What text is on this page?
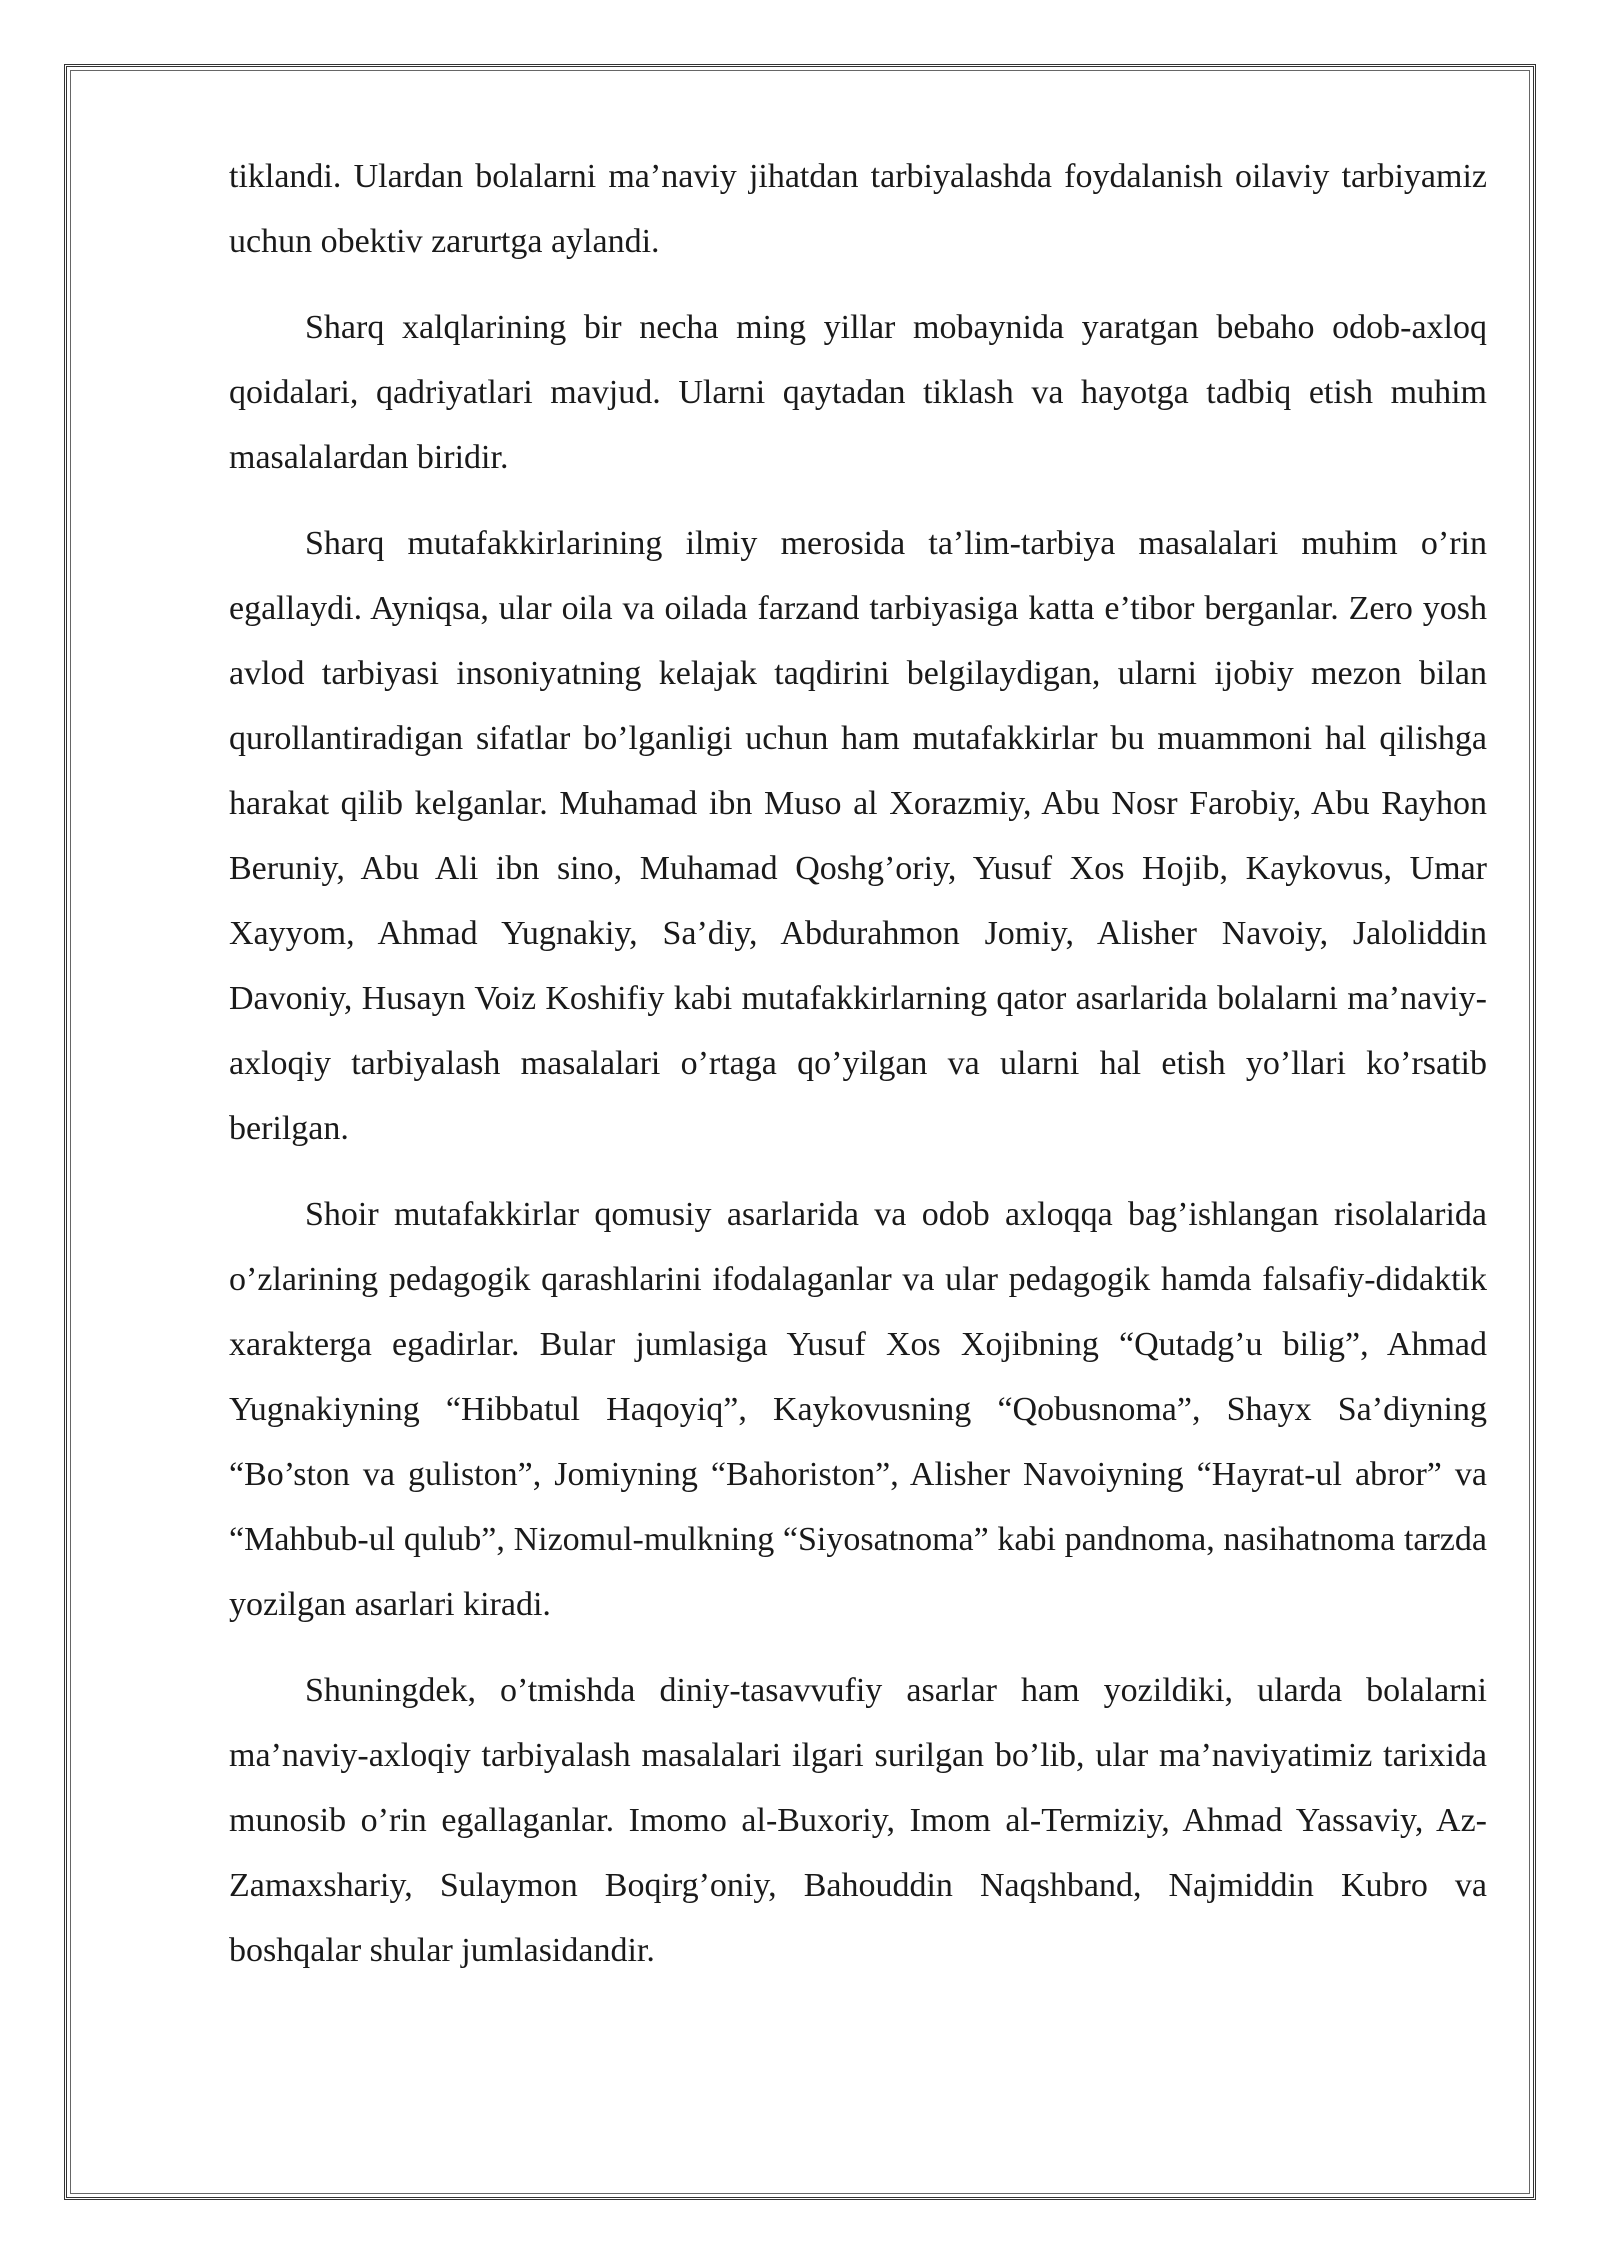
tiklandi. Ulardan bolalarni ma’naviy jihatdan tarbiyalashda foydalanish oilaviy tarbiyamiz uchun obektiv zarurtga aylandi.

Sharq xalqlarining bir necha ming yillar mobaynida yaratgan bebaho odob-axloq qoidalari, qadriyatlari mavjud. Ularni qaytadan tiklash va hayotga tadbiq etish muhim masalalardan biridir.

Sharq mutafakkirlarining ilmiy merosida ta’lim-tarbiya masalalari muhim o’rin egallaydi. Ayniqsa, ular oila va oilada farzand tarbiyasiga katta e’tibor berganlar. Zero yosh avlod tarbiyasi insoniyatning kelajak taqdirini belgilaydigan, ularni ijobiy mezon bilan qurollantiradigan sifatlar bo’lganligi uchun ham mutafakkirlar bu muammoni hal qilishga harakat qilib kelganlar. Muhamad ibn Muso al Xorazmiy, Abu Nosr Farobiy, Abu Rayhon Beruniy, Abu Ali ibn sino, Muhamad Qoshg’oriy, Yusuf Xos Hojib, Kaykovus, Umar Xayyom, Ahmad Yugnakiy, Sa’diy, Abdurahmon Jomiy, Alisher Navoiy, Jaloliddin Davoniy, Husayn Voiz Koshifiy kabi mutafakkirlarning qator asarlarida bolalarni ma’naviy-axloqiy tarbiyalash masalalari o’rtaga qo’yilgan va ularni hal etish yo’llari ko’rsatib berilgan.

Shoir mutafakkirlar qomusiy asarlarida va odob axloqqa bag’ishlangan risolalarida o’zlarining pedagogik qarashlarini ifodalaganlar va ular pedagogik hamda falsafiy-didaktik xarakterga egadirlar. Bular jumlasiga Yusuf Xos Xojibning “Qutadg’u bilig”, Ahmad Yugnakiyning “Hibbatul Haqoyiq”, Kaykovusning “Qobusnoma”, Shayx Sa’diyning “Bo’ston va guliston”, Jomiyning “Bahoriston”, Alisher Navoiyning “Hayrat-ul abror” va “Mahbub-ul qulub”, Nizomul-mulkning “Siyosatnoma” kabi pandnoma, nasihatnoma tarzda yozilgan asarlari kiradi.

Shuningdek, o’tmishda diniy-tasavvufiy asarlar ham yozildiki, ularda bolalarni ma’naviy-axloqiy tarbiyalash masalalari ilgari surilgan bo’lib, ular ma’naviyatimiz tarixida munosib o’rin egallaganlar. Imomo al-Buxoriy, Imom al-Termiziy, Ahmad Yassaviy, Az-Zamaxshariy, Sulaymon Boqirg’oniy, Bahouddin Naqshband, Najmiddin Kubro va boshqalar shular jumlasidandir.
